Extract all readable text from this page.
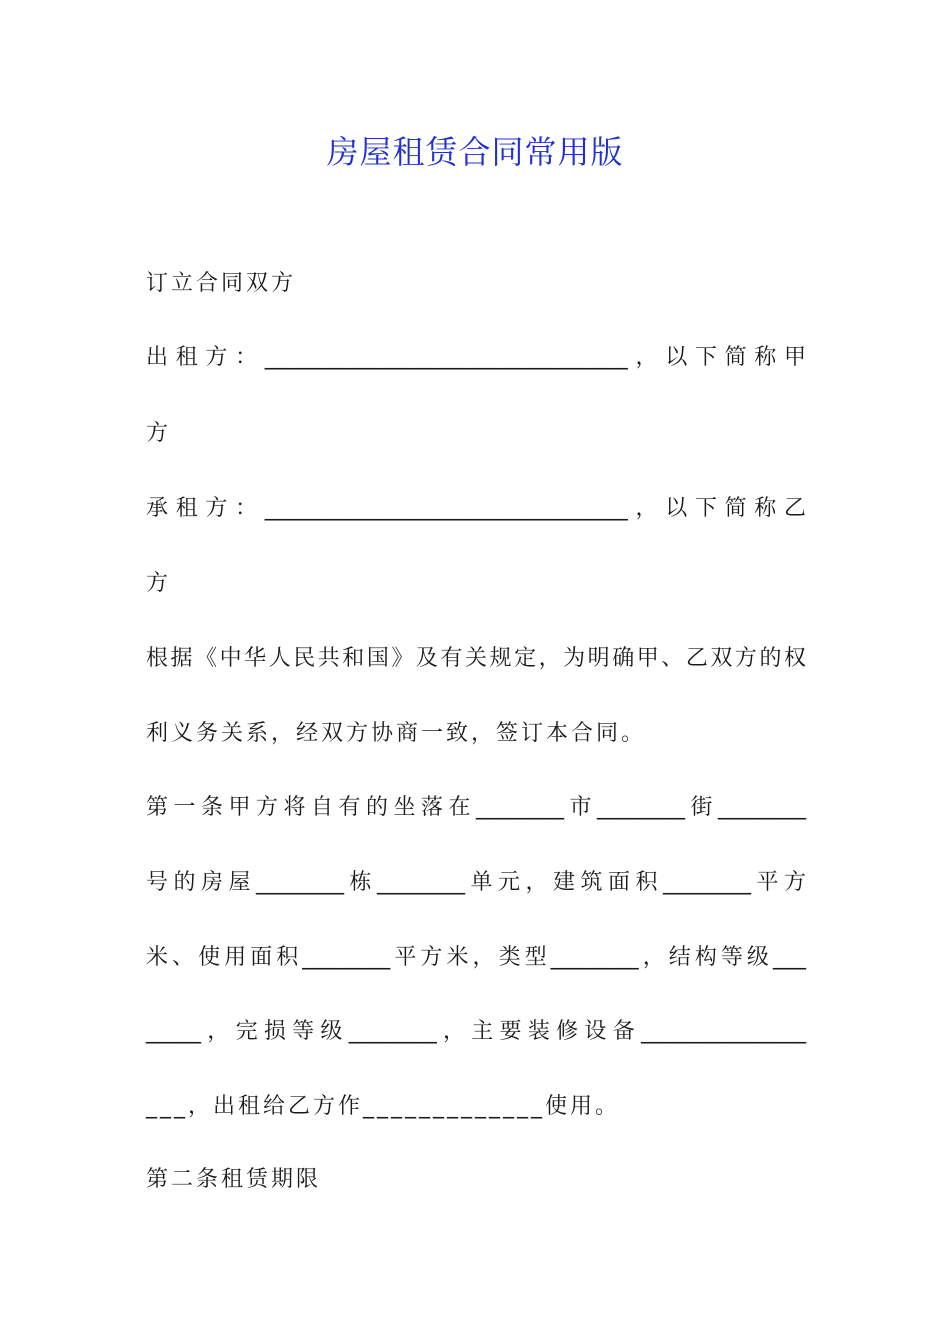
房屋租赁合同常用版
订立合同双方
出租方：_________________________________，以下简称甲
方
承租方：_________________________________，以下简称乙
方
根据《中华人民共和国》及有关规定，为明确甲、乙双方的权
利义务关系，经双方协商一致，签订本合同。
第一条甲方将自有的坐落在________市________街________
号的房屋________栋________单元，建筑面积________平方
米、使用面积________平方米，类型________，结构等级___
_____，完损等级________，主要装修设备_______________
___，出租给乙方作_____________使用。
第二条租赁期限
